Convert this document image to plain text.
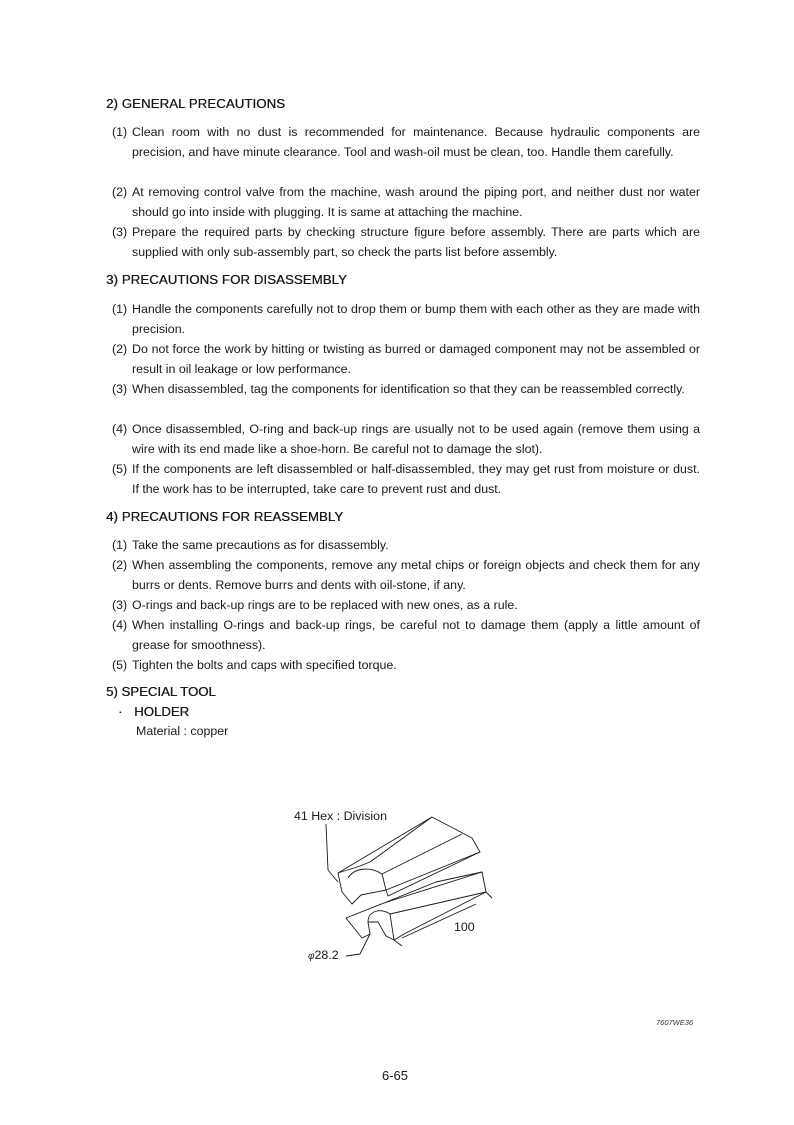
2) GENERAL PRECAUTIONS
(1) Clean room with no dust is recommended for maintenance. Because hydraulic components are precision, and have minute clearance. Tool and wash-oil must be clean, too. Handle them carefully.
(2) At removing control valve from the machine, wash around the piping port, and neither dust nor water should go into inside with plugging. It is same at attaching the machine.
(3) Prepare the required parts by checking structure figure before assembly. There are parts which are supplied with only sub-assembly part, so check the parts list before assembly.
3) PRECAUTIONS FOR DISASSEMBLY
(1) Handle the components carefully not to drop them or bump them with each other as they are made with precision.
(2) Do not force the work by hitting or twisting as burred or damaged component may not be assembled or result in oil leakage or low performance.
(3) When disassembled, tag the components for identification so that they can be reassembled correctly.
(4) Once disassembled, O-ring and back-up rings are usually not to be used again (remove them using a wire with its end made like a shoe-horn. Be careful not to damage the slot).
(5) If the components are left disassembled or half-disassembled, they may get rust from moisture or dust. If the work has to be interrupted, take care to prevent rust and dust.
4) PRECAUTIONS FOR REASSEMBLY
(1) Take the same precautions as for disassembly.
(2) When assembling the components, remove any metal chips or foreign objects and check them for any burrs or dents. Remove burrs and dents with oil-stone, if any.
(3) O-rings and back-up rings are to be replaced with new ones, as a rule.
(4) When installing O-rings and back-up rings, be careful not to damage them (apply a little amount of grease for smoothness).
(5) Tighten the bolts and caps with specified torque.
5) SPECIAL TOOL
· HOLDER
Material : copper
41 Hex : Division
100
φ28.2
7607WE36
6-65
